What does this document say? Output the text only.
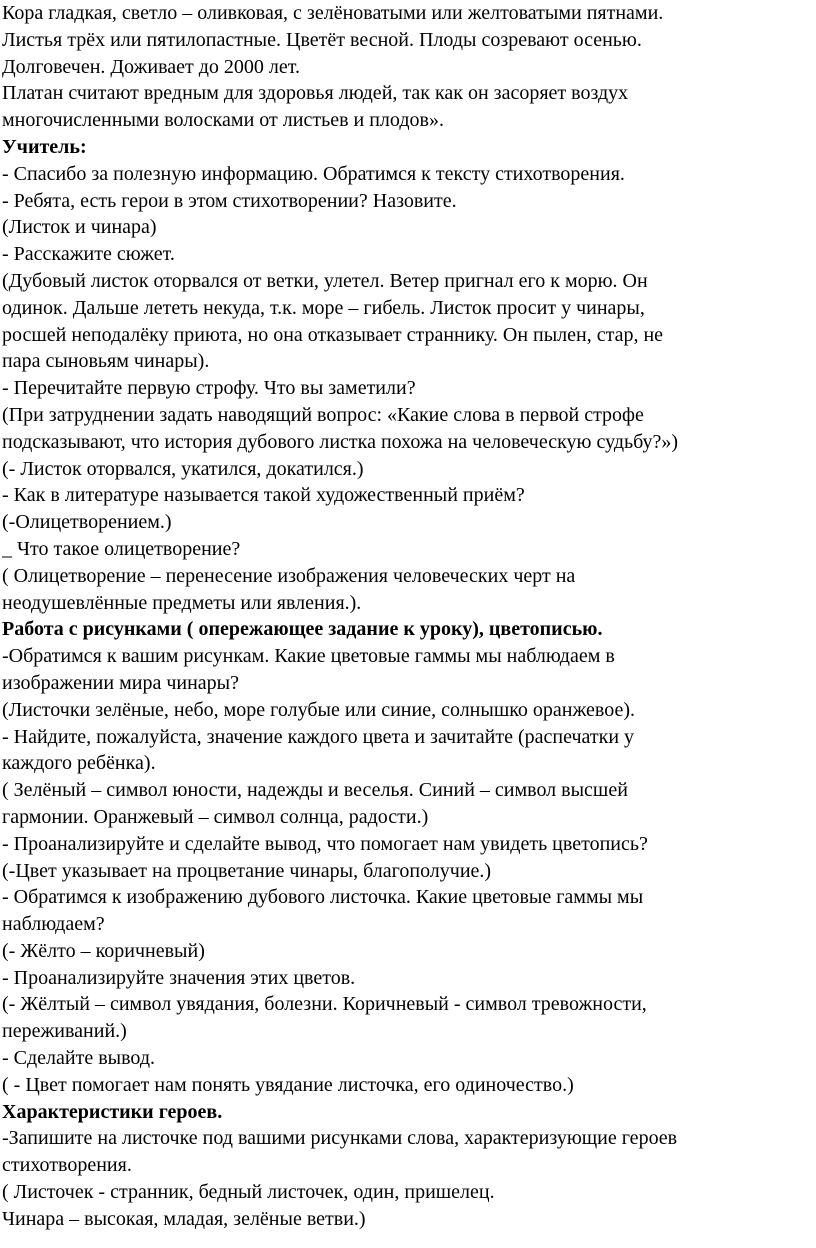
Кора гладкая, светло – оливковая, с зелёноватыми или желтоватыми пятнами.

Листья трёх или пятилопастные. Цветёт весной. Плоды созревают осенью.

Долговечен. Доживает до 2000 лет.

Платан считают вредным для здоровья людей, так как он засоряет воздух

многочисленными волосками от листьев и плодов».

Учитель:

- Спасибо за полезную информацию. Обратимся к тексту стихотворения.

- Ребята, есть герои в этом стихотворении? Назовите.

(Листок и чинара)

- Расскажите сюжет.

(Дубовый листок оторвался от ветки, улетел. Ветер пригнал его к морю. Он

одинок. Дальше лететь некуда, т.к. море – гибель. Листок просит у чинары,

росшей неподалёку приюта, но она отказывает страннику. Он пылен, стар, не

пара сыновьям чинары).

- Перечитайте первую строфу. Что вы заметили?

(При затруднении задать наводящий вопрос: «Какие слова в первой строфе

подсказывают, что история дубового листка похожа на человеческую судьбу?»)

(- Листок оторвался, укатился, докатился.)

- Как в литературе называется такой художественный приём?

(-Олицетворением.)

_ Что такое олицетворение?

( Олицетворение – перенесение изображения человеческих черт на

неодушевлённые предметы или явления.).

Работа с рисунками ( опережающее задание к уроку), цветописью.

-Обратимся к вашим рисункам. Какие цветовые гаммы мы наблюдаем в

изображении мира чинары?

(Листочки зелёные, небо, море голубые или синие, солнышко оранжевое).

- Найдите, пожалуйста, значение каждого цвета и зачитайте (распечатки у

каждого ребёнка).

( Зелёный – символ юности, надежды и веселья. Синий – символ высшей

гармонии. Оранжевый – символ солнца, радости.)

- Проанализируйте и сделайте вывод, что помогает нам увидеть цветопись?

(-Цвет указывает на процветание чинары, благополучие.)

- Обратимся к изображению дубового листочка. Какие цветовые гаммы мы

наблюдаем?

(- Жёлто – коричневый)

- Проанализируйте значения этих цветов.

(- Жёлтый – символ увядания, болезни. Коричневый - символ тревожности,

переживаний.)

- Сделайте вывод.

( - Цвет помогает нам понять увядание листочка, его одиночество.)

Характеристики героев.

-Запишите на листочке под вашими рисунками слова, характеризующие героев

стихотворения.

( Листочек - странник, бедный листочек, один, пришелец.

Чинара – высокая, младая, зелёные ветви.)
